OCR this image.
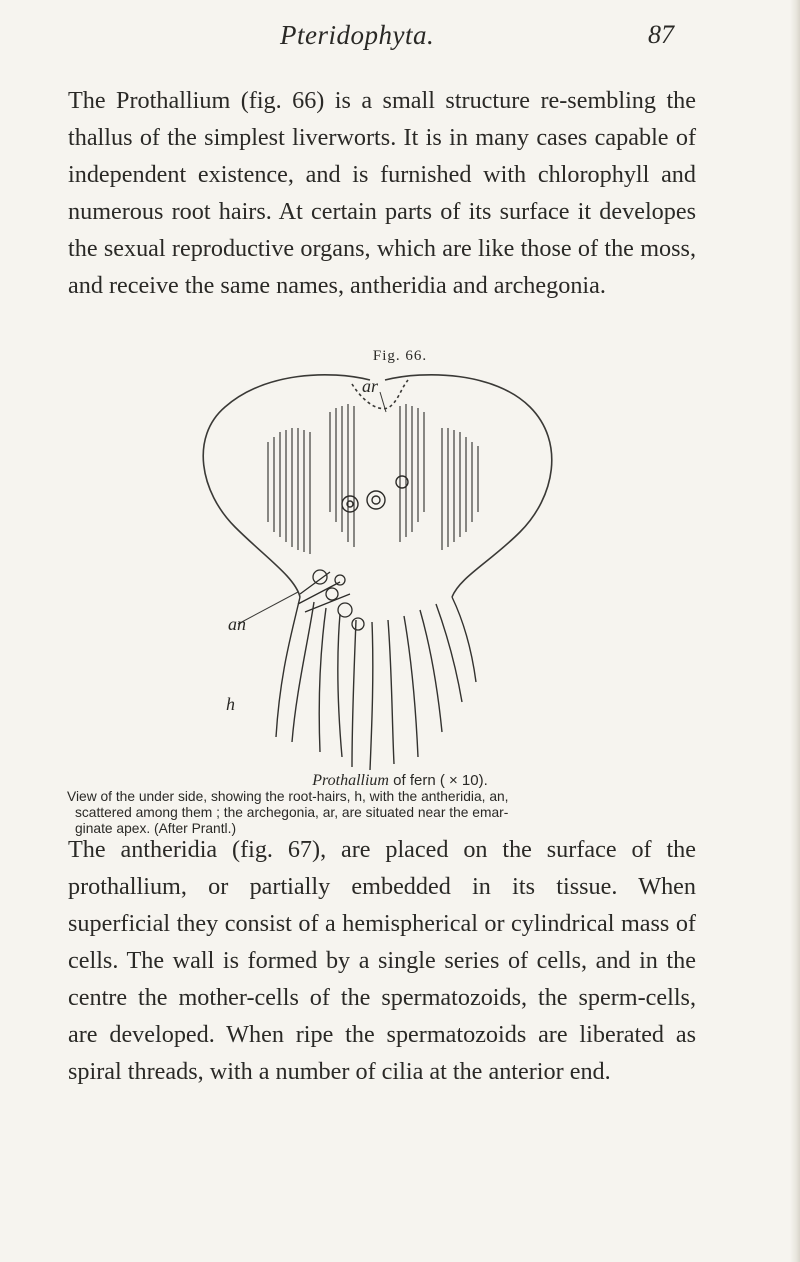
Pteridophyta.	87

The Prothallium (fig. 66) is a small structure re-sembling the thallus of the simplest liverworts. It is in many cases capable of independent existence, and is furnished with chlorophyll and numerous root hairs. At certain parts of its surface it developes the sexual reproductive organs, which are like those of the moss, and receive the same names, antheridia and archegonia.

Fig. 66.
an
ar
h
Prothallium of fern ( × 10).

View of the under side, showing the root-hairs, h, with the antheridia, an,
scattered among them ; the archegonia, ar, are situated near the emar-
ginate apex. (After Prantl.)

The antheridia (fig. 67), are placed on the surface of the prothallium, or partially embedded in its tissue. When superficial they consist of a hemispherical or cylindrical mass of cells. The wall is formed by a single series of cells, and in the centre the mother-cells of the spermatozoids, the sperm-cells, are developed. When ripe the spermatozoids are liberated as spiral threads, with a number of cilia at the anterior end.
